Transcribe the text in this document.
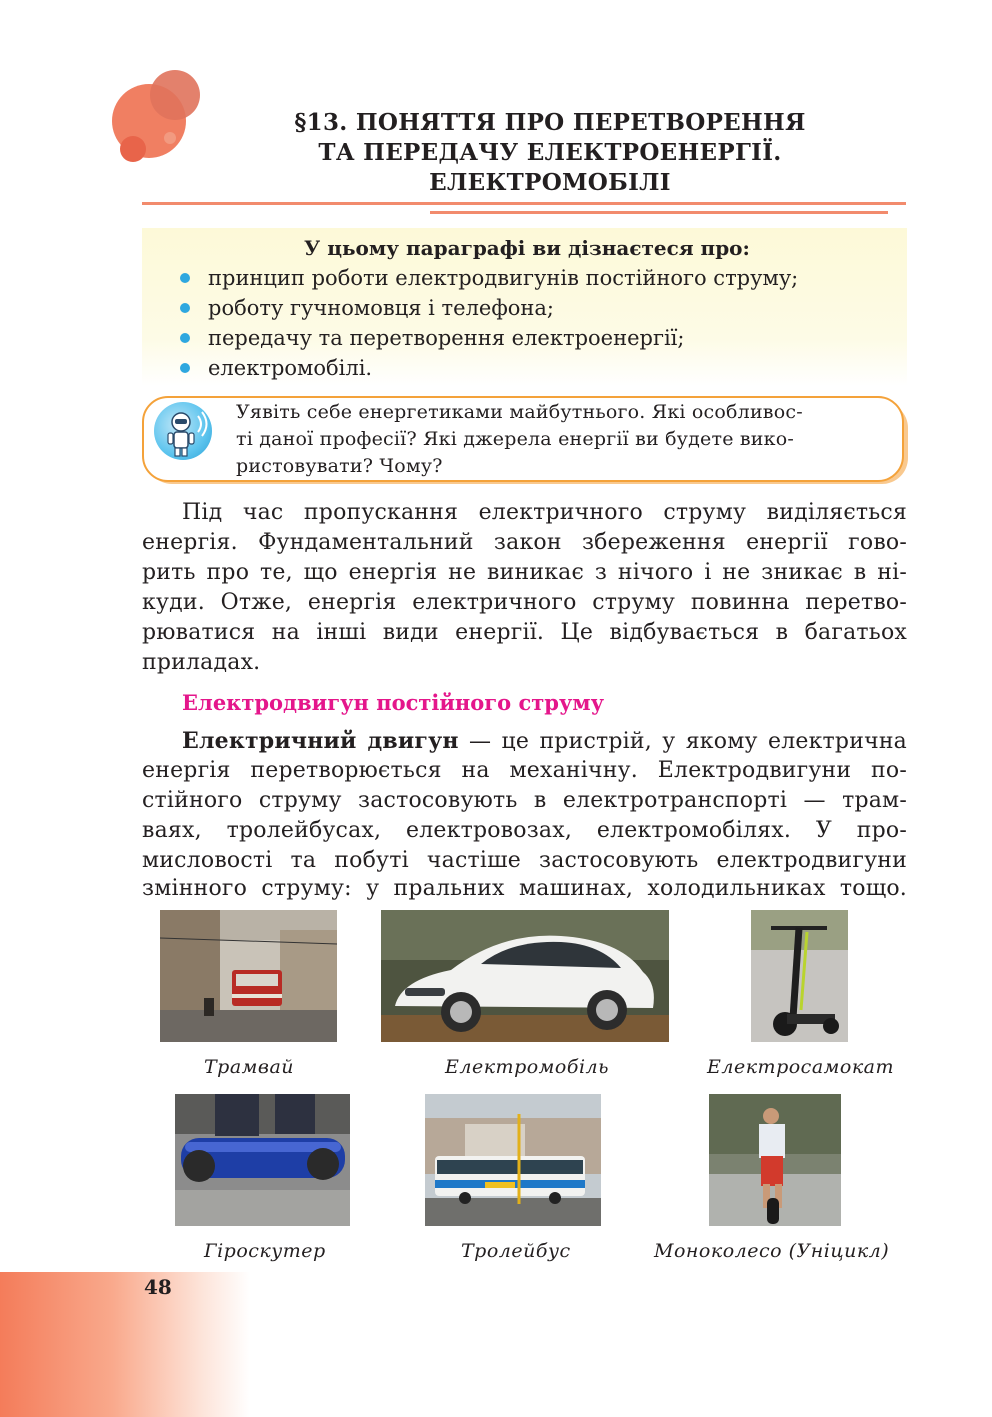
§13. ПОНЯТТЯ ПРО ПЕРЕТВОРЕННЯ
ТА ПЕРЕДАЧУ ЕЛЕКТРОЕНЕРГІЇ.
ЕЛЕКТРОМОБІЛІ
У цьому параграфі ви дізнаєтеся про:
принцип роботи електродвигунів постійного струму;
роботу гучномовця і телефона;
передачу та перетворення електроенергії;
електромобілі.
Уявіть себе енергетиками майбутнього. Які особливос-
ті даної професії? Які джерела енергії ви будете вико-
ристовувати? Чому?
Під час пропускання електричного струму виділяється
енергія. Фундаментальний закон збереження енергії гово-
рить про те, що енергія не виникає з нічого і не зникає в ні-
куди. Отже, енергія електричного струму повинна перетво-
рюватися на інші види енергії. Це відбувається в багатьох
приладах.
Електродвигун постійного струму
Електричний двигун — це пристрій, у якому електрична
енергія перетворюється на механічну. Електродвигуни по-
стійного струму застосовують в електротранспорті — трам-
ваях, тролейбусах, електровозах, електромобілях. У про-
мисловості та побуті частіше застосовують електродвигуни
змінного струму: у пральних машинах, холодильниках тощо.
Трамвай	Електромобіль	Електросамокат
Гіроскутер	Тролейбус	Моноколесо (Уніцикл)
48
